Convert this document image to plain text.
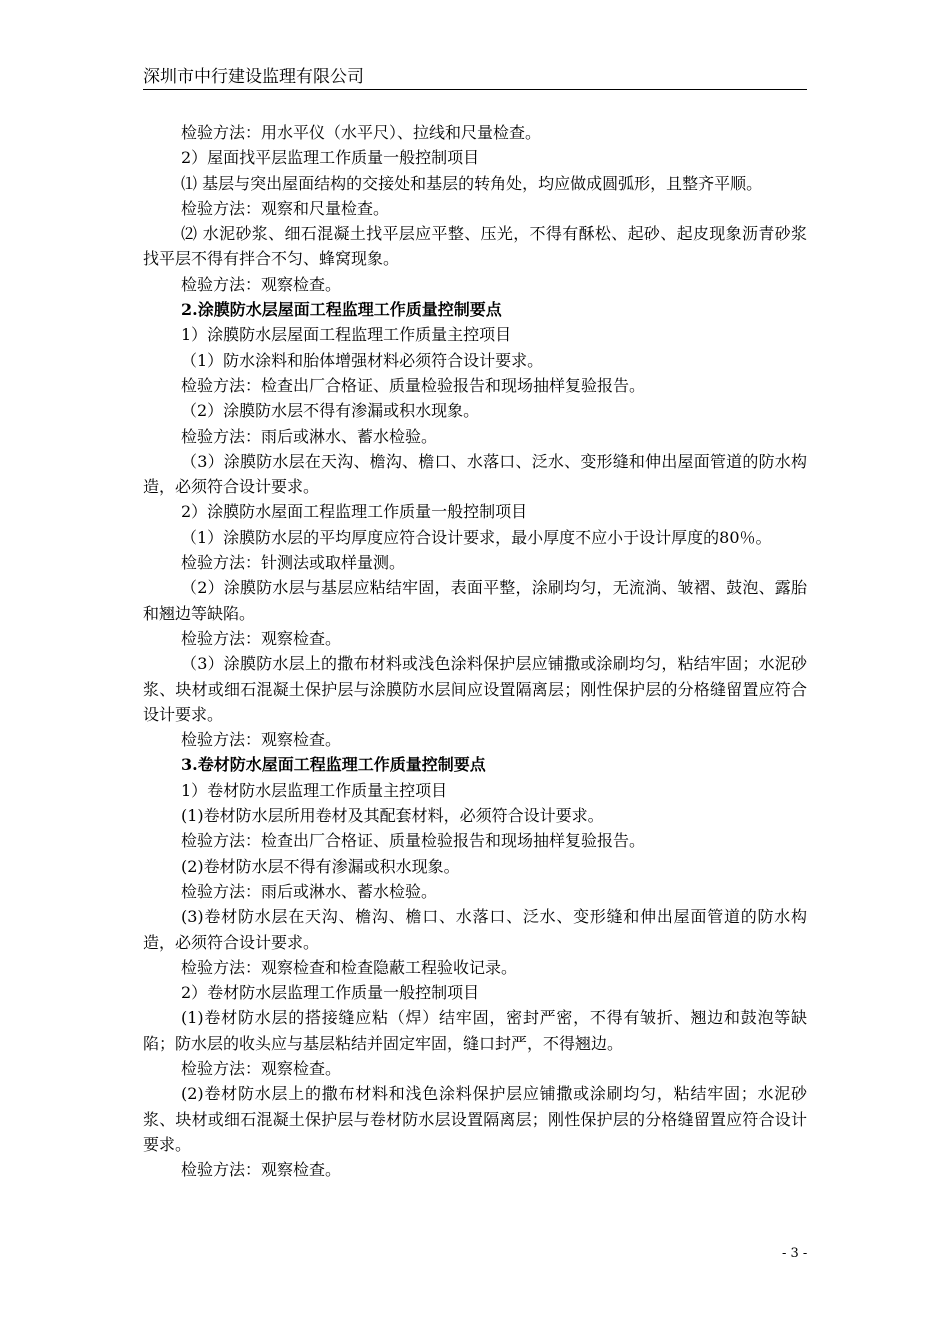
深圳市中行建设监理有限公司

检验方法：用水平仪（水平尺）、拉线和尺量检查。

2）屋面找平层监理工作质量一般控制项目

⑴ 基层与突出屋面结构的交接处和基层的转角处，均应做成圆弧形，且整齐平顺。

检验方法：观察和尺量检查。

⑵ 水泥砂浆、细石混凝土找平层应平整、压光，不得有酥松、起砂、起皮现象沥青砂浆找平层不得有拌合不匀、蜂窝现象。

检验方法：观察检查。

2.涂膜防水层屋面工程监理工作质量控制要点

1）涂膜防水层屋面工程监理工作质量主控项目

（1）防水涂料和胎体增强材料必须符合设计要求。

检验方法：检查出厂合格证、质量检验报告和现场抽样复验报告。

（2）涂膜防水层不得有渗漏或积水现象。

检验方法：雨后或淋水、蓄水检验。

（3）涂膜防水层在天沟、檐沟、檐口、水落口、泛水、变形缝和伸出屋面管道的防水构造，必须符合设计要求。

2）涂膜防水屋面工程监理工作质量一般控制项目

（1）涂膜防水层的平均厚度应符合设计要求，最小厚度不应小于设计厚度的80％。

检验方法：针测法或取样量测。

（2）涂膜防水层与基层应粘结牢固，表面平整，涂刷均匀，无流淌、皱褶、鼓泡、露胎和翘边等缺陷。

检验方法：观察检查。

（3）涂膜防水层上的撒布材料或浅色涂料保护层应铺撒或涂刷均匀，粘结牢固；水泥砂浆、块材或细石混凝土保护层与涂膜防水层间应设置隔离层；刚性保护层的分格缝留置应符合设计要求。

检验方法：观察检查。

3.卷材防水屋面工程监理工作质量控制要点

1）卷材防水层监理工作质量主控项目

(1)卷材防水层所用卷材及其配套材料，必须符合设计要求。

检验方法：检查出厂合格证、质量检验报告和现场抽样复验报告。

(2)卷材防水层不得有渗漏或积水现象。

检验方法：雨后或淋水、蓄水检验。

(3)卷材防水层在天沟、檐沟、檐口、水落口、泛水、变形缝和伸出屋面管道的防水构造，必须符合设计要求。

检验方法：观察检查和检查隐蔽工程验收记录。

2）卷材防水层监理工作质量一般控制项目

(1)卷材防水层的搭接缝应粘（焊）结牢固，密封严密，不得有皱折、翘边和鼓泡等缺陷；防水层的收头应与基层粘结并固定牢固，缝口封严，不得翘边。

检验方法：观察检查。

(2)卷材防水层上的撒布材料和浅色涂料保护层应铺撒或涂刷均匀，粘结牢固；水泥砂浆、块材或细石混凝土保护层与卷材防水层设置隔离层；刚性保护层的分格缝留置应符合设计要求。

检验方法：观察检查。

- 3 -
